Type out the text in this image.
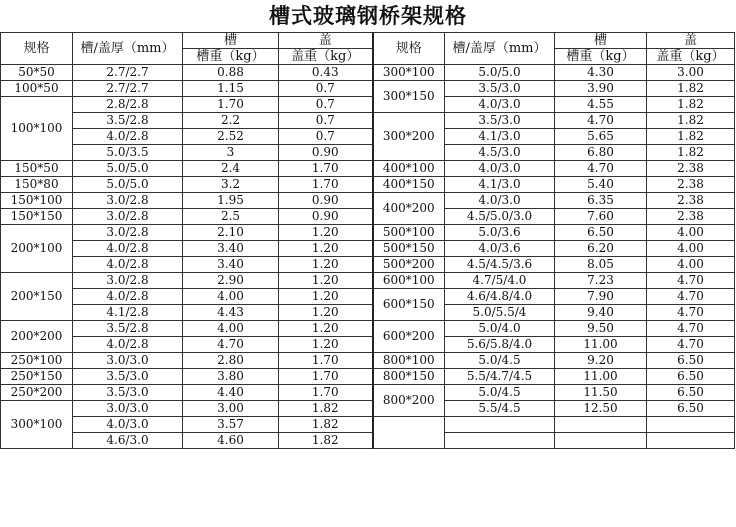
槽式玻璃钢桥架规格
规格	槽/盖厚（mm）	槽	盖	规格	槽/盖厚（mm）	槽	盖
		槽重（kg）	盖重（kg）			槽重（kg）	盖重（kg）
50*50	2.7/2.7	0.88	0.43	300*100	5.0/5.0	4.30	3.00
100*50	2.7/2.7	1.15	0.7	300*150	3.5/3.0	3.90	1.82
100*100	2.8/2.8	1.70	0.7		4.0/3.0	4.55	1.82
	3.5/2.8	2.2	0.7	300*200	3.5/3.0	4.70	1.82
	4.0/2.8	2.52	0.7		4.1/3.0	5.65	1.82
	5.0/3.5	3	0.90		4.5/3.0	6.80	1.82
150*50	5.0/5.0	2.4	1.70	400*100	4.0/3.0	4.70	2.38
150*80	5.0/5.0	3.2	1.70	400*150	4.1/3.0	5.40	2.38
150*100	3.0/2.8	1.95	0.90	400*200	4.0/3.0	6.35	2.38
150*150	3.0/2.8	2.5	0.90		4.5/5.0/3.0	7.60	2.38
200*100	3.0/2.8	2.10	1.20	500*100	5.0/3.6	6.50	4.00
	4.0/2.8	3.40	1.20	500*150	4.0/3.6	6.20	4.00
	4.0/2.8	3.40	1.20	500*200	4.5/4.5/3.6	8.05	4.00
200*150	3.0/2.8	2.90	1.20	600*100	4.7/5/4.0	7.23	4.70
	4.0/2.8	4.00	1.20	600*150	4.6/4.8/4.0	7.90	4.70
	4.1/2.8	4.43	1.20		5.0/5.5/4	9.40	4.70
200*200	3.5/2.8	4.00	1.20	600*200	5.0/4.0	9.50	4.70
	4.0/2.8	4.70	1.20		5.6/5.8/4.0	11.00	4.70
250*100	3.0/3.0	2.80	1.70	800*100	5.0/4.5	9.20	6.50
250*150	3.5/3.0	3.80	1.70	800*150	5.5/4.7/4.5	11.00	6.50
250*200	3.5/3.0	4.40	1.70	800*200	5.0/4.5	11.50	6.50
300*100	3.0/3.0	3.00	1.82		5.5/4.5	12.50	6.50
	4.0/3.0	3.57	1.82				
	4.6/3.0	4.60	1.82				
